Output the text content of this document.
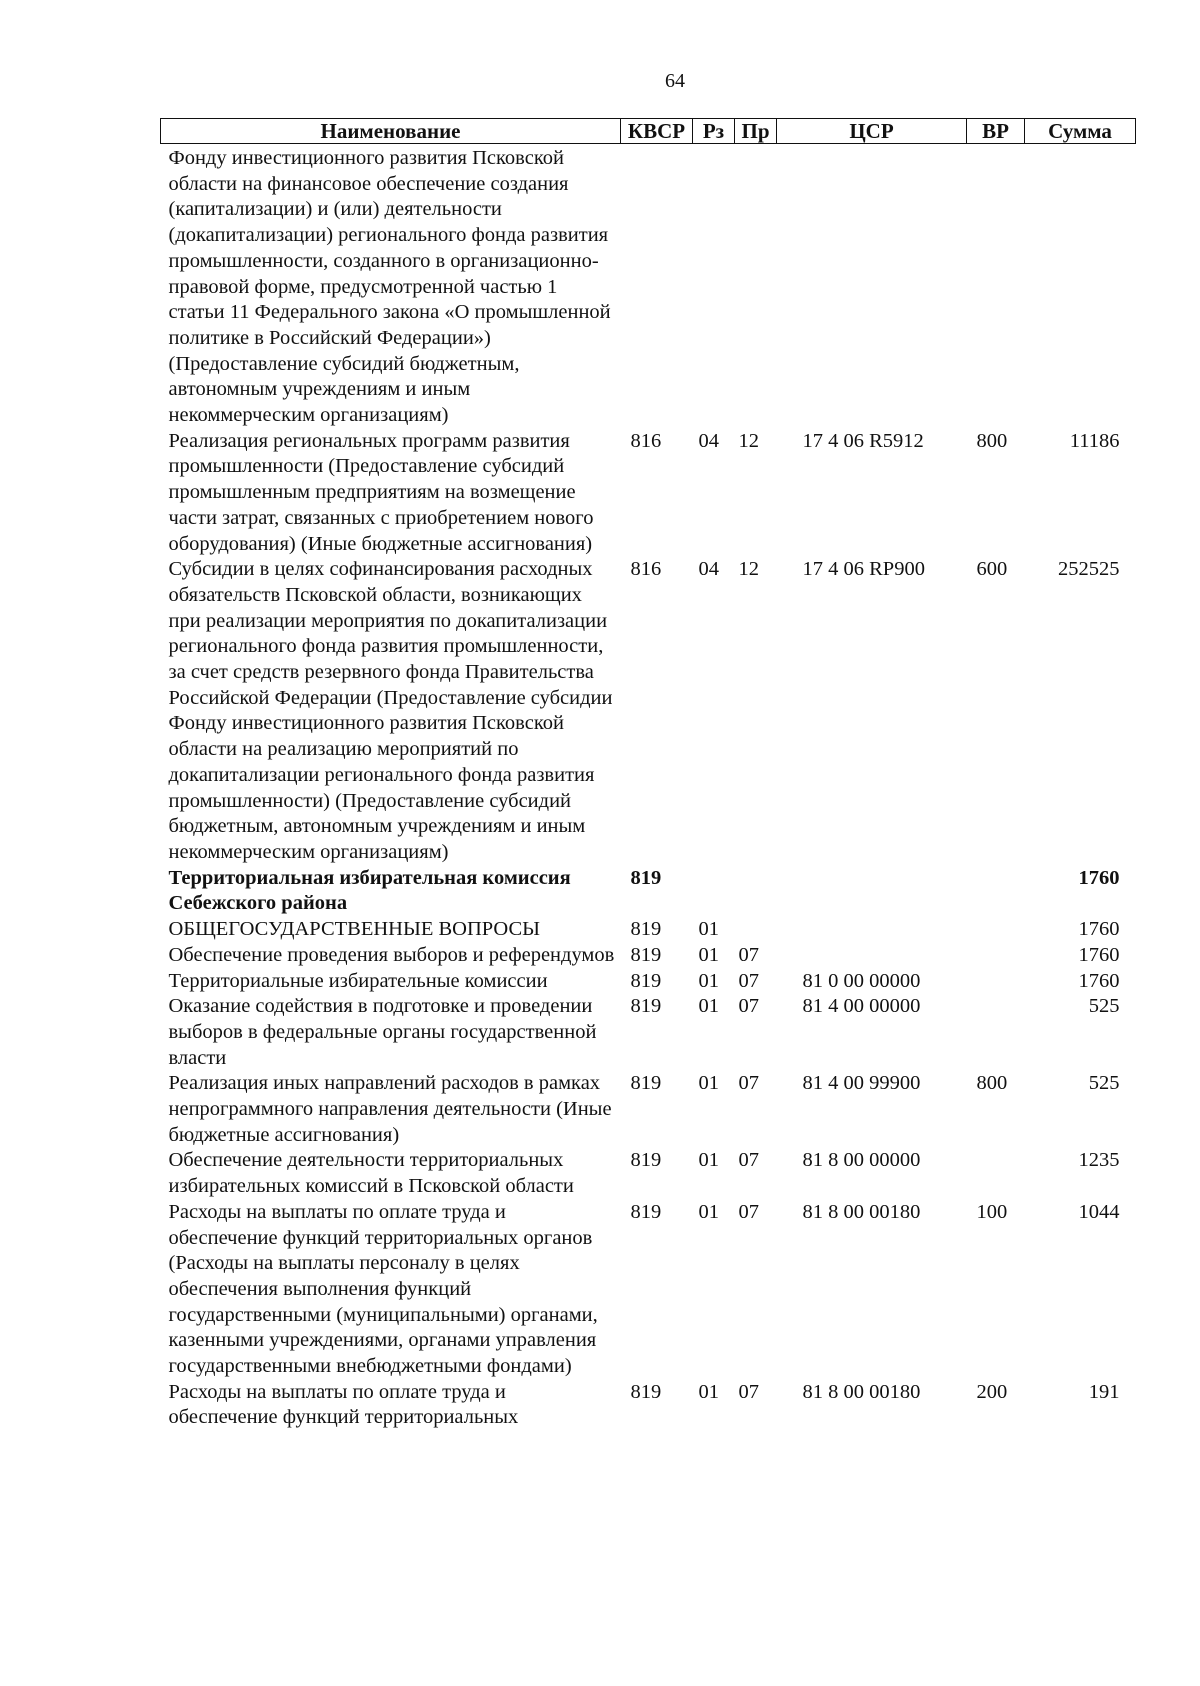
64
Наименование	КВСР	Рз	Пр	ЦСР	ВР	Сумма
Фонду инвестиционного развития Псковской области на финансовое обеспечение создания (капитализации) и (или) деятельности (докапитализации) регионального фонда развития промышленности, созданного в организационно-правовой форме, предусмотренной частью 1 статьи 11 Федерального закона «О промышленной политике в Российский Федерации») (Предоставление субсидий бюджетным, автономным учреждениям и иным некоммерческим организациям)						
Реализация региональных программ развития промышленности (Предоставление субсидий промышленным предприятиям на возмещение части затрат, связанных с приобретением нового оборудования) (Иные бюджетные ассигнования)	816	04	12	17 4 06 R5912	800	11186
Субсидии в целях софинансирования расходных обязательств Псковской области, возникающих при реализации мероприятия по докапитализации регионального фонда развития промышленности, за счет средств резервного фонда Правительства Российской Федерации (Предоставление субсидии Фонду инвестиционного развития Псковской области на реализацию мероприятий по докапитализации регионального фонда развития промышленности) (Предоставление субсидий бюджетным, автономным учреждениям и иным некоммерческим организациям)	816	04	12	17 4 06 RP900	600	252525
Территориальная избирательная комиссия Себежского района	819					1760
ОБЩЕГОСУДАРСТВЕННЫЕ ВОПРОСЫ	819	01				1760
Обеспечение проведения выборов и референдумов	819	01	07			1760
Территориальные избирательные комиссии	819	01	07	81 0 00 00000		1760
Оказание содействия в подготовке и проведении выборов в федеральные органы государственной власти	819	01	07	81 4 00 00000		525
Реализация иных направлений расходов в рамках непрограммного направления деятельности (Иные бюджетные ассигнования)	819	01	07	81 4 00 99900	800	525
Обеспечение деятельности территориальных избирательных комиссий в Псковской области	819	01	07	81 8 00 00000		1235
Расходы на выплаты по оплате труда и обеспечение функций территориальных органов (Расходы на выплаты персоналу в целях обеспечения выполнения функций государственными (муниципальными) органами, казенными учреждениями, органами управления государственными внебюджетными фондами)	819	01	07	81 8 00 00180	100	1044
Расходы на выплаты по оплате труда и обеспечение функций территориальных	819	01	07	81 8 00 00180	200	191
